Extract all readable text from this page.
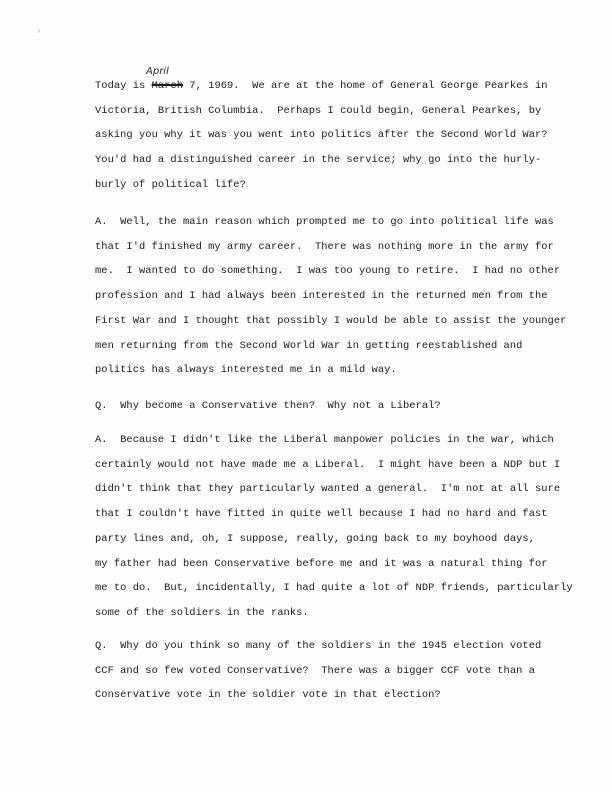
›
April
Today is March 7, 1969.  We are at the home of General George Pearkes in
Victoria, British Columbia.  Perhaps I could begin, General Pearkes, by
asking you why it was you went into politics after the Second World War?
You'd had a distinguished career in the service; why go into the hurly-
burly of political life?
A.  Well, the main reason which prompted me to go into political life was
that I'd finished my army career.  There was nothing more in the army for
me.  I wanted to do something.  I was too young to retire.  I had no other
profession and I had always been interested in the returned men from the
First War and I thought that possibly I would be able to assist the younger
men returning from the Second World War in getting reestablished and
politics has always interested me in a mild way.
Q.  Why become a Conservative then?  Why not a Liberal?
A.  Because I didn't like the Liberal manpower policies in the war, which
certainly would not have made me a Liberal.  I might have been a NDP but I
didn't think that they particularly wanted a general.  I'm not at all sure
that I couldn't have fitted in quite well because I had no hard and fast
party lines and, oh, I suppose, really, going back to my boyhood days,
my father had been Conservative before me and it was a natural thing for
me to do.  But, incidentally, I had quite a lot of NDP friends, particularly
some of the soldiers in the ranks.
Q.  Why do you think so many of the soldiers in the 1945 election voted
CCF and so few voted Conservative?  There was a bigger CCF vote than a
Conservative vote in the soldier vote in that election?
